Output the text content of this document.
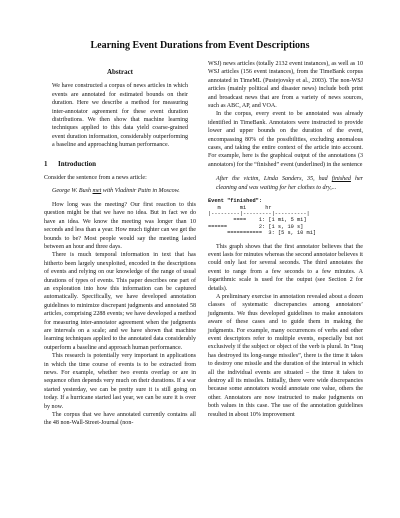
Learning Event Durations from Event Descriptions
Abstract

We have constructed a corpus of news articles in which events are annotated for estimated bounds on their duration. Here we describe a method for measuring inter-annotator agreement for these event duration distributions. We then show that machine learning techniques applied to this data yield coarse-grained event duration information, considerably outperforming a baseline and approaching human performance.

1 Introduction

Consider the sentence from a news article:

George W. Bush met with Vladimir Putin in Moscow.

How long was the meeting? Our first reaction to this question might be that we have no idea. But in fact we do have an idea. We know the meeting was longer than 10 seconds and less than a year. How much tighter can we get the bounds to be? Most people would say the meeting lasted between an hour and three days.

There is much temporal information in text that has hitherto been largely unexploited, encoded in the descriptions of events and relying on our knowledge of the range of usual durations of types of events. This paper describes one part of an exploration into how this information can be captured automatically. Specifically, we have developed annotation guidelines to minimize discrepant judgments and annotated 58 articles, comprising 2288 events; we have developed a method for measuring inter-annotator agreement when the judgments are intervals on a scale; and we have shown that machine learning techniques applied to the annotated data considerably outperform a baseline and approach human performance.

This research is potentially very important in applications in which the time course of events is to be extracted from news. For example, whether two events overlap or are in sequence often depends very much on their durations. If a war started yesterday, we can be pretty sure it is still going on today. If a hurricane started last year, we can be sure it is over by now.

The corpus that we have annotated currently contains all the 48 non-Wall-Street-Journal (non-

WSJ) news articles (totally 2132 event instances), as well as 10 WSJ articles (156 event instances), from the TimeBank corpus annotated in TimeML (Pustejovsky et al., 2003). The non-WSJ articles (mainly political and disaster news) include both print and broadcast news that are from a variety of news sources, such as ABC, AP, and VOA.

In the corpus, every event to be annotated was already identified in TimeBank. Annotators were instructed to provide lower and upper bounds on the duration of the event, encompassing 80% of the possibilities, excluding anomalous cases, and taking the entire context of the article into account. For example, here is the graphical output of the annotations (3 annotators) for the “finished” event (underlined) in the sentence

After the victim, Linda Sanders, 35, had finished her cleaning and was waiting for her clothes to dry,...
Event "finished":
m      mi      hr
|---------|---------|----------|
====    1: [1 mi, 5 mi]
======          2: [1 s, 10 s]
===========  3: [5 s, 10 mi]

This graph shows that the first annotator believes that the event lasts for minutes whereas the second annotator believes it could only last for several seconds. The third annotates the event to range from a few seconds to a few minutes. A logarithmic scale is used for the output (see Section 2 for details).

A preliminary exercise in annotation revealed about a dozen classes of systematic discrepancies among annotators’ judgments. We thus developed guidelines to make annotators aware of these cases and to guide them in making the judgments. For example, many occurrences of verbs and other event descriptors refer to multiple events, especially but not exclusively if the subject or object of the verb is plural. In “Iraq has destroyed its long-range missiles”, there is the time it takes to destroy one missile and the duration of the interval in which all the individual events are situated – the time it takes to destroy all its missiles. Initially, there were wide discrepancies because some annotators would annotate one value, others the other. Annotators are now instructed to make judgments on both values in this case. The use of the annotation guidelines resulted in about 10% improvement
